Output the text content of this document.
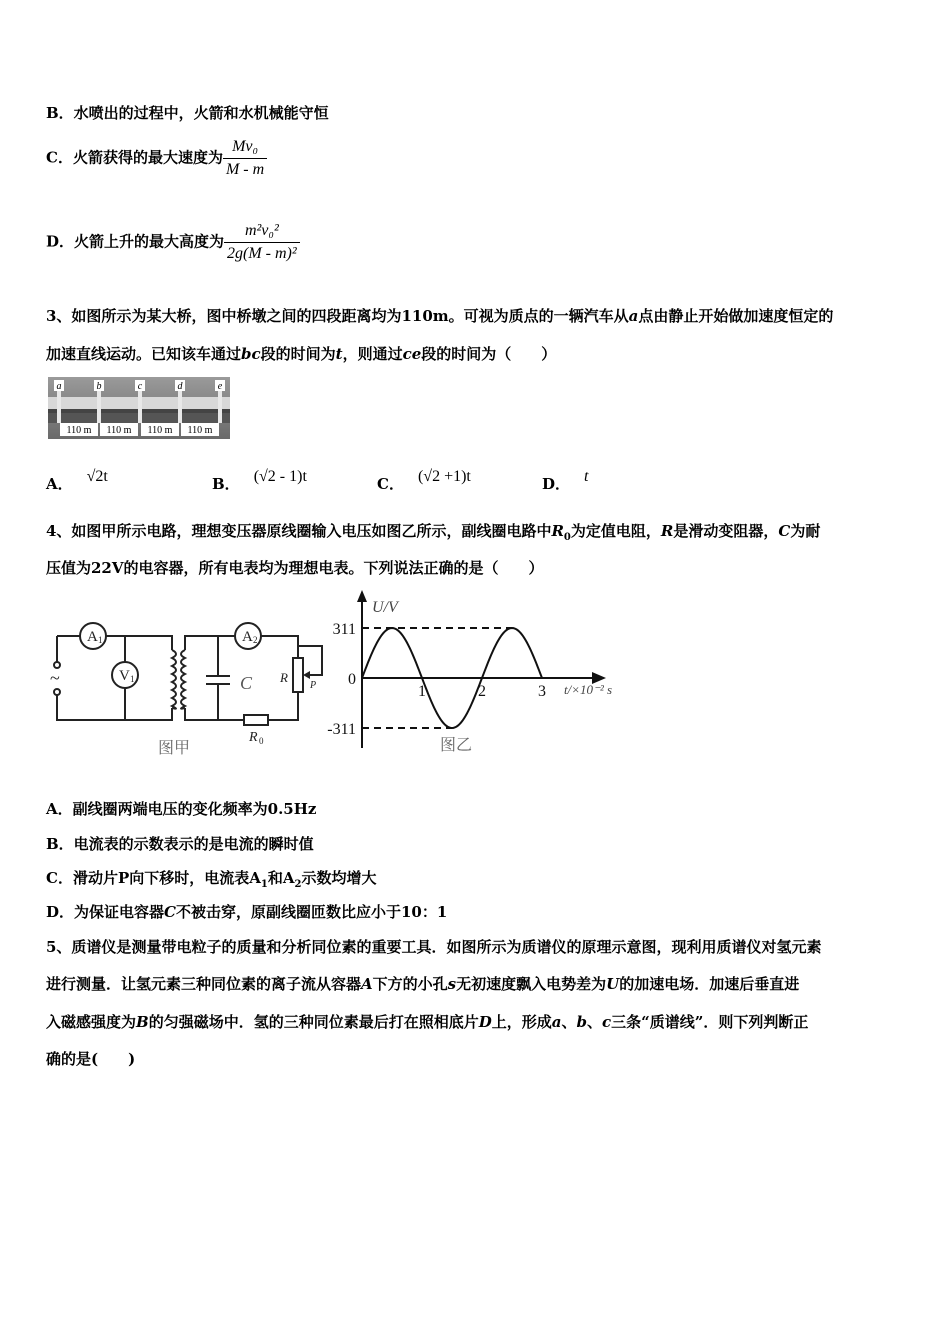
B．水喷出的过程中，火箭和水机械能守恒
C．火箭获得的最大速度为 $\frac{\text{Mv₀}}{M - m}$
D．火箭上升的最大高度为 $\frac{\text{m²v₀²}}{\text{2g(M - m)²}}$
3、如图所示为某大桥，图中桥墩之间的四段距离均为110m。可视为质点的一辆汽车从a点由静止开始做加速度恒定的
加速直线运动。已知该车通过bc段的时间为t，则通过ce段的时间为（　　）
a	b	c	d	e
110 m 110 m 110 m 110 m
A． √2t	B． (√2 - 1)t	C． (√2 +1)t	D． t
4、如图甲所示电路，理想变压器原线圈输入电压如图乙所示，副线圈电路中$R_0$为定值电阻，R是滑动变阻器，C为耐
压值为22V的电容器，所有电表均为理想电表。下列说法正确的是（　　）
A 1
V 1
A 2
~	C R
P
R 0
图甲
U/V
311
0
-311
1	2	3 t/×10⁻² s
图乙
A．副线圈两端电压的变化频率为0.5Hz
B．电流表的示数表示的是电流的瞬时值
C．滑动片P向下移时，电流表$A_1$和$A_2$示数均增大
D．为保证电容器C不被击穿，原副线圈匝数比应小于10：1
5、质谱仪是测量带电粒子的质量和分析同位素的重要工具．如图所示为质谱仪的原理示意图，现利用质谱仪对氢元素
进行测量．让氢元素三种同位素的离子流从容器A下方的小孔s无初速度飘入电势差为U的加速电场．加速后垂直进
入磁感强度为B的匀强磁场中．氢的三种同位素最后打在照相底片D上，形成a、b、c三条“质谱线”．则下列判断正
确的是(　　)
